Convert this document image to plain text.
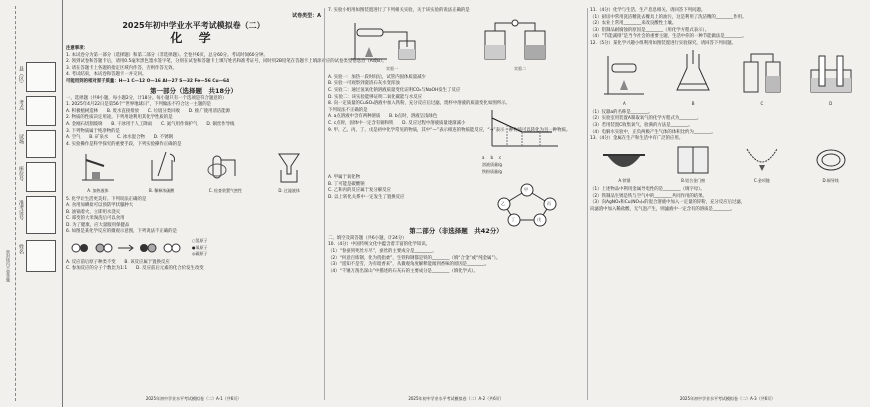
密封线内不要答题
县（区）
考点
试场
座位号
准考证号
姓名

试卷类型：A

2025年初中学业水平考试模拟卷（二）

化 学

注意事项：

1. 本试卷分为第一部分（选择题）和第二部分（非选择题）。全卷共6页，总分60分。考试时间60分钟。

2. 领到试卷和答题卡后，请用0.5毫米黑色墨水签字笔，分别在试卷和答题卡上填写姓名和准考证号，同时用2B铅笔在答题卡上填涂对应的试卷类型信息点（A或B）。

3. 请在答题卡上各题的指定区域内作答，否则作答无效。

4. 考试结束，本试卷和答题卡一并交回。

可能用到的相对原子质量：H—1 C—12 O—16 Al—27 S—32 Fe—56 Cu—64

第一部分（选择题　共18分）

一、选择题（共9小题，每小题2分，计18分。每小题只有一个选项是符合题意的）

1. 2025年4月22日是第56个“世界地球日”，下列做法不符合这一主题的是

A. 积极植树造林　　B. 废水直接排放　　C. 垃圾分类回收　　D. 推广使用清洁能源

2. 物质的性质决定用途。下列用途利用其化学性质的是

A. 金刚石切割玻璃　　B. 干冰用于人工降雨　　C. 氮气用作保护气　　D. 铜丝作导线

3. 下列物质属于纯净物的是

A. 空气　　B. 矿泉水　　C. 冰水混合物　　D. 不锈钢

4. 实验操作是科学探究的重要手段，下列实验操作正确的是

A. 加热液体	B. 稀释浓硫酸	C. 检查装置气密性	D. 过滤液体

5. 化学让生活更美好。下列说法正确的是

A. 食用加碘盐可以预防甲状腺肿大

B. 油锅着火，立即用水浇灭

C. 霉变的大米淘洗后可以食用

D. 为了健康，应大量服用保健品

6. 如图是某化学反应的微观示意图，下列说法不正确的是

○氢原子
●氧原子
◎碳原子

A. 反应前后原子种类不变　　B. 该反应属于置换反应

C. 参加反应的分子个数比为1:1　　D. 反应前后元素的化合价发生改变

2025年初中学业水平考试模拟卷（二）A-1（共6页）

7. 实验小组用如图装置进行了下列相关实验，关于该实验的说法正确的是

实验一	实验二

A. 实验一：加热一段时间后，试管内固体质量减少

B. 实验一可观察到澄清石灰水变浑浊

C. 实验二：通过氢氧化钠溶液质量变化证明CO₂与NaOH发生了反应

D. 实验二：该实验能够证明二氧化碳能与水反应

8. 向一定质量的CuSO₄溶液中加入铁粉，充分反应后过滤，烧杯中溶液的质量变化如图所示。

下列说法不正确的是

A. a点溶液中含有两种溶质　　B. b点时，溶液呈浅绿色

C. c点时，固体中一定含有铜和铁　　D. 反应过程中溶液质量逐渐减小

9. 甲、乙、丙、丁、戊是初中化学常见的物质，其中“—”表示相连的物质能反应，“→”表示一种物质可以转化为另一种物质。

a b c
溶液质量/g
铁粉质量/g

A. 甲属于氧化物

B. 丁可能是碳酸钠

C. 乙和丙的反应属于复分解反应

D. 以上转化关系中一定发生了置换反应

甲
乙	丙
丁	戊

第二部分（非选择题　共42分）

二、填空及简答题（共6小题，计24分）

10.（4分）中国传统文化中蕴含着丰富的化学知识。

（1）“春蚕到死丝方尽”，蚕丝的主要成分是________。

（2）“何意百炼钢，化为绕指柔”，生铁和钢都是铁的________（填“合金”或“纯金属”）。

（3）“遥知不是雪，为有暗香来”，从微观角度解释能闻到香味的原因是________。

（4）“千锤万凿出深山”中描述的石灰石的主要成分是________（填化学式）。

2025年初中学业水平考试模拟卷（二）A-2（共6页）

11.（4分）化学与生活、生产息息相关。请回答下列问题。

（1）厨房中常用洗洁精洗去餐具上的油污，这是利用了洗洁精的________作用。

（2）农业上常用________来改良酸性土壤。

（3）铝制品耐腐蚀的原因是________（用化学方程式表示）。

（4）“节能减排”是当今社会的重要主题，生活中你的一种节能做法是________。

12.（5分）某化学兴趣小组利用如图装置进行实验探究，请回答下列问题。

A	B	C	D

（1）仪器a的名称是________。

（2）实验室用装置A制取氧气的化学方程式为________。

（3）若用装置C收集氧气，验满的方法是________。

（4）电解水实验中，正负两极产生气体的体积比约为________。

13.（4分）金属在生产和生活中有广泛的应用。

A.铁锅	B.铝合金门窗	C.金项链	D.铜导线

（1）上述物品中利用金属导电性的是________（填字母）。

（2）铁制品生锈是铁与空气中的________共同作用的结果。

（3）向AgNO₃和Cu(NO₃)₂的混合溶液中加入一定量的锌粉，充分反应后过滤，

向滤渣中加入稀盐酸，无气泡产生，则滤液中一定含有的溶质是________。

2025年初中学业水平考试模拟卷（二）A-3（共6页）
